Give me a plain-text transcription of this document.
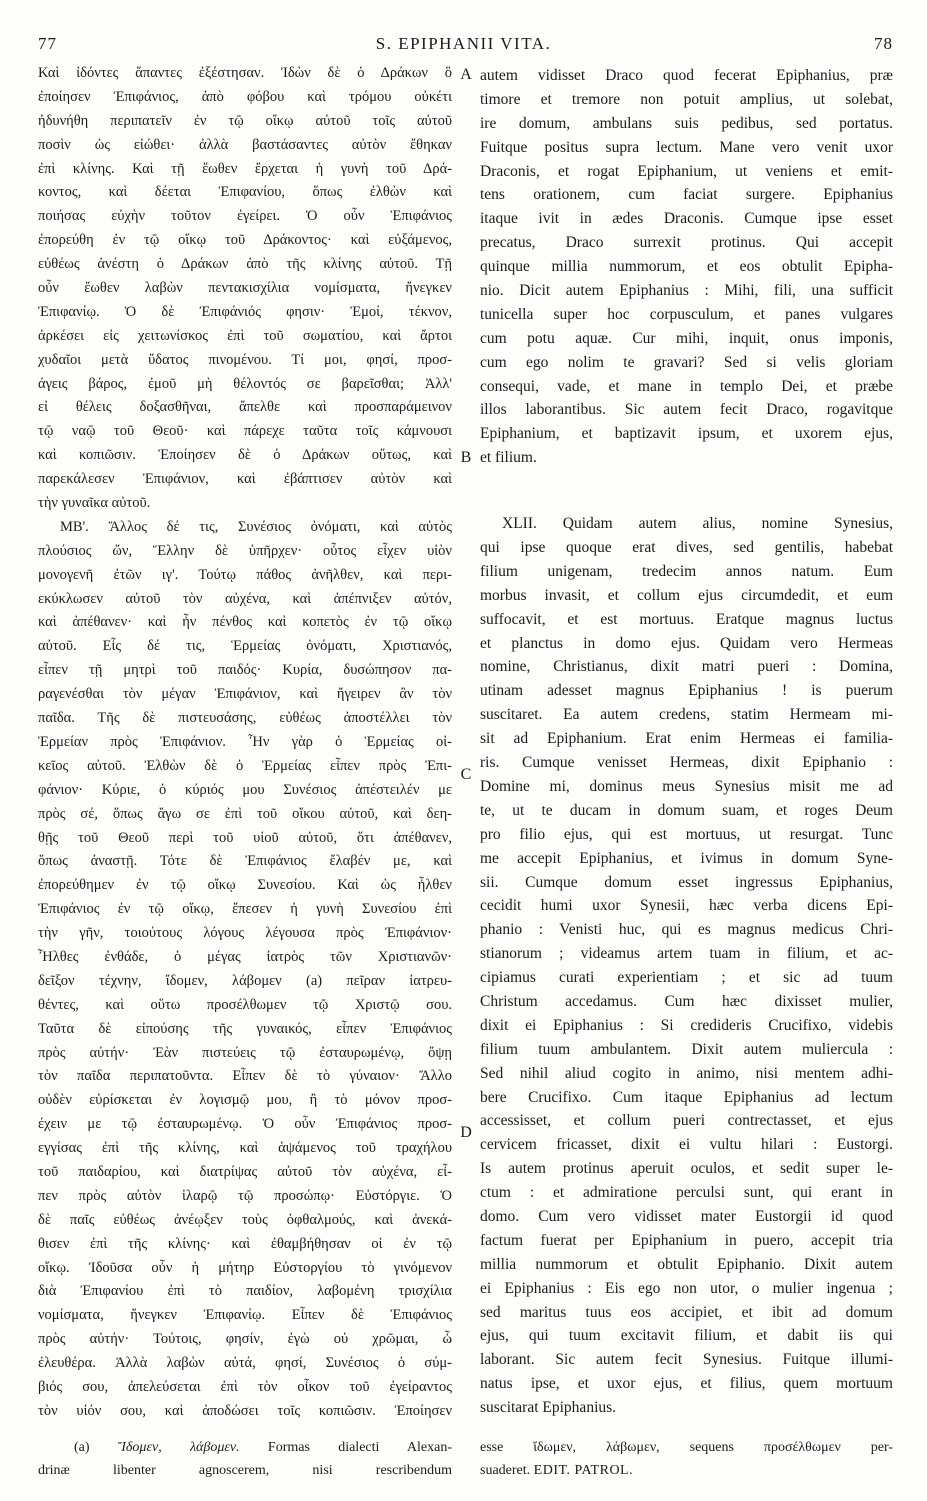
77	S. EPIPHANII VITA.	78
Καὶ ἰδόντες ἅπαντες ἐξέστησαν. Ἰδὼν δὲ ὁ Δράκων ὃ
ἐποίησεν Ἐπιφάνιος, ἀπὸ φόβου καὶ τρόμου οὐκέτι
ἠδυνήθη περιπατεῖν ἐν τῷ οἴκῳ αὐτοῦ τοῖς αὐτοῦ
ποσὶν ὡς εἰώθει· ἀλλὰ βαστάσαντες αὐτὸν ἔθηκαν
ἐπὶ κλίνης. Καὶ τῇ ἕωθεν ἔρχεται ἡ γυνὴ τοῦ Δρά-
κοντος, καὶ δέεται Ἐπιφανίου, ὅπως ἐλθὼν καὶ
ποιήσας εὐχὴν τοῦτον ἐγείρει. Ὁ οὖν Ἐπιφάνιος
ἐπορεύθη ἐν τῷ οἴκῳ τοῦ Δράκοντος· καὶ εὐξάμενος,
εὐθέως ἀνέστη ὁ Δράκων ἀπὸ τῆς κλίνης αὐτοῦ. Τῇ
οὖν ἕωθεν λαβὼν πεντακισχίλια νομίσματα, ἤνεγκεν
Ἐπιφανίῳ. Ὁ δὲ Ἐπιφάνιός φησιν· Ἐμοί, τέκνον,
ἀρκέσει εἰς χειτωνίσκος ἐπὶ τοῦ σωματίου, καὶ ἄρτοι
χυδαῖοι μετὰ ὕδατος πινομένου. Τί μοι, φησί, προσ-
άγεις βάρος, ἐμοῦ μὴ θέλοντός σε βαρεῖσθαι; Ἀλλ'
εἰ θέλεις δοξασθῆναι, ἄπελθε καὶ προσπαράμεινον
τῷ ναῷ τοῦ Θεοῦ· καὶ πάρεχε ταῦτα τοῖς κάμνουσι
καὶ κοπιῶσιν. Ἐποίησεν δὲ ὁ Δράκων οὕτως, καὶ
παρεκάλεσεν Ἐπιφάνιον, καὶ ἐβάπτισεν αὐτὸν καὶ
τὴν γυναῖκα αὐτοῦ.
ΜΒ'. Ἄλλος δέ τις, Συνέσιος ὀνόματι, καὶ αὐτὸς
πλούσιος ὤν, Ἕλλην δὲ ὑπῆρχεν· οὗτος εἶχεν υἱὸν
μονογενῆ ἐτῶν ιγ'. Τούτῳ πάθος ἀνῆλθεν, καὶ περι-
εκύκλωσεν αὐτοῦ τὸν αὐχένα, καὶ ἀπέπνιξεν αὐτόν,
καὶ ἀπέθανεν· καὶ ἦν πένθος καὶ κοπετὸς ἐν τῷ οἴκῳ
αὐτοῦ. Εἷς δέ τις, Ἑρμείας ὀνόματι, Χριστιανός,
εἶπεν τῇ μητρὶ τοῦ παιδός· Κυρία, δυσώπησον πα-
ραγενέσθαι τὸν μέγαν Ἐπιφάνιον, καὶ ἤγειρεν ἂν τὸν
παῖδα. Τῆς δὲ πιστευσάσης, εὐθέως ἀποστέλλει τὸν
Ἑρμείαν πρὸς Ἐπιφάνιον. Ἦν γὰρ ὁ Ἑρμείας οἰ-
κεῖος αὐτοῦ. Ἐλθὼν δὲ ὁ Ἑρμείας εἶπεν πρὸς Ἐπι-
φάνιον· Κύριε, ὁ κύριός μου Συνέσιος ἀπέστειλέν με
πρὸς σέ, ὅπως ἄγω σε ἐπὶ τοῦ οἴκου αὐτοῦ, καὶ δεη-
θῇς τοῦ Θεοῦ περὶ τοῦ υἱοῦ αὐτοῦ, ὅτι ἀπέθανεν,
ὅπως ἀναστῇ. Τότε δὲ Ἐπιφάνιος ἔλαβέν με, καὶ
ἐπορεύθημεν ἐν τῷ οἴκῳ Συνεσίου. Καὶ ὡς ἦλθεν
Ἐπιφάνιος ἐν τῷ οἴκῳ, ἔπεσεν ἡ γυνὴ Συνεσίου ἐπὶ
τὴν γῆν, τοιούτους λόγους λέγουσα πρὸς Ἐπιφάνιον·
Ἦλθες ἐνθάδε, ὁ μέγας ἰατρὸς τῶν Χριστιανῶν·
δεῖξον τέχνην, ἴδομεν, λάβομεν (a) πεῖραν ἰατρευ-
θέντες, καὶ οὕτω προσέλθωμεν τῷ Χριστῷ σου.
Ταῦτα δὲ εἰπούσης τῆς γυναικός, εἶπεν Ἐπιφάνιος
πρὸς αὐτήν· Ἐὰν πιστεύεις τῷ ἐσταυρωμένῳ, ὄψῃ
τὸν παῖδα περιπατοῦντα. Εἶπεν δὲ τὸ γύναιον· Ἄλλο
οὐδὲν εὑρίσκεται ἐν λογισμῷ μου, ἢ τὸ μόνον προσ-
έχειν με τῷ ἐσταυρωμένῳ. Ὁ οὖν Ἐπιφάνιος προσ-
εγγίσας ἐπὶ τῆς κλίνης, καὶ ἁψάμενος τοῦ τραχήλου
τοῦ παιδαρίου, καὶ διατρίψας αὐτοῦ τὸν αὐχένα, εἶ-
πεν πρὸς αὐτὸν ἱλαρῷ τῷ προσώπῳ· Εὐστόργιε. Ὁ
δὲ παῖς εὐθέως ἀνέῳξεν τοὺς ὀφθαλμούς, καὶ ἀνεκά-
θισεν ἐπὶ τῆς κλίνης· καὶ ἐθαμβήθησαν οἱ ἐν τῷ
οἴκῳ. Ἰδοῦσα οὖν ἡ μήτηρ Εὐστοργίου τὸ γινόμενον
διὰ Ἐπιφανίου ἐπὶ τὸ παιδίον, λαβομένη τρισχίλια
νομίσματα, ἤνεγκεν Ἐπιφανίῳ. Εἶπεν δὲ Ἐπιφάνιος
πρὸς αὐτήν· Τούτοις, φησίν, ἐγὼ οὐ χρῶμαι, ὦ
ἐλευθέρα. Ἀλλὰ λαβὼν αὐτά, φησί, Συνέσιος ὁ σύμ-
βιός σου, ἀπελεύσεται ἐπὶ τὸν οἶκον τοῦ ἐγείραντος
τὸν υἱόν σου, καὶ ἀποδώσει τοῖς κοπιῶσιν. Ἐποίησεν
autem vidisset Draco quod fecerat Epiphanius, præ
timore et tremore non potuit amplius, ut solebat,
ire domum, ambulans suis pedibus, sed portatus.
Fuitque positus supra lectum. Mane vero venit uxor
Draconis, et rogat Epiphanium, ut veniens et emit-
tens orationem, cum faciat surgere. Epiphanius
itaque ivit in ædes Draconis. Cumque ipse esset
precatus, Draco surrexit protinus. Qui accepit
quinque millia nummorum, et eos obtulit Epipha-
nio. Dicit autem Epiphanius : Mihi, fili, una sufficit
tunicella super hoc corpusculum, et panes vulgares
cum potu aquæ. Cur mihi, inquit, onus imponis,
cum ego nolim te gravari? Sed si velis gloriam
consequi, vade, et mane in templo Dei, et præbe
illos laborantibus. Sic autem fecit Draco, rogavitque
Epiphanium, et baptizavit ipsum, et uxorem ejus,
et filium.
XLII. Quidam autem alius, nomine Synesius,
qui ipse quoque erat dives, sed gentilis, habebat
filium unigenam, tredecim annos natum. Eum
morbus invasit, et collum ejus circumdedit, et eum
suffocavit, et est mortuus. Eratque magnus luctus
et planctus in domo ejus. Quidam vero Hermeas
nomine, Christianus, dixit matri pueri : Domina,
utinam adesset magnus Epiphanius ! is puerum
suscitaret. Ea autem credens, statim Hermeam mi-
sit ad Epiphanium. Erat enim Hermeas ei familia-
ris. Cumque venisset Hermeas, dixit Epiphanio :
Domine mi, dominus meus Synesius misit me ad
te, ut te ducam in domum suam, et roges Deum
pro filio ejus, qui est mortuus, ut resurgat. Tunc
me accepit Epiphanius, et ivimus in domum Syne-
sii. Cumque domum esset ingressus Epiphanius,
cecidit humi uxor Synesii, hæc verba dicens Epi-
phanio : Venisti huc, qui es magnus medicus Chri-
stianorum ; videamus artem tuam in filium, et ac-
cipiamus curati experientiam ; et sic ad tuum
Christum accedamus. Cum hæc dixisset mulier,
dixit ei Epiphanius : Si credideris Crucifixo, videbis
filium tuum ambulantem. Dixit autem muliercula :
Sed nihil aliud cogito in animo, nisi mentem adhi-
bere Crucifixo. Cum itaque Epiphanius ad lectum
accessisset, et collum pueri contrectasset, et ejus
cervicem fricasset, dixit ei vultu hilari : Eustorgi.
Is autem protinus aperuit oculos, et sedit super le-
ctum : et admiratione perculsi sunt, qui erant in
domo. Cum vero vidisset mater Eustorgii id quod
factum fuerat per Epiphanium in puero, accepit tria
millia nummorum et obtulit Epiphanio. Dixit autem
ei Epiphanius : Eis ego non utor, o mulier ingenua ;
sed maritus tuus eos accipiet, et ibit ad domum
ejus, qui tuum excitavit filium, et dabit iis qui
laborant. Sic autem fecit Synesius. Fuitque illumi-
natus ipse, et uxor ejus, et filius, quem mortuum
suscitarat Epiphanius.
A
B
C
D
(a) Ἴδομεν, λάβομεν. Formas dialecti Alexan-
drinæ libenter agnoscerem, nisi rescribendum
esse ἴδωμεν, λάβωμεν, sequens προσέλθωμεν per-
suaderet. EDIT. PATROL.
